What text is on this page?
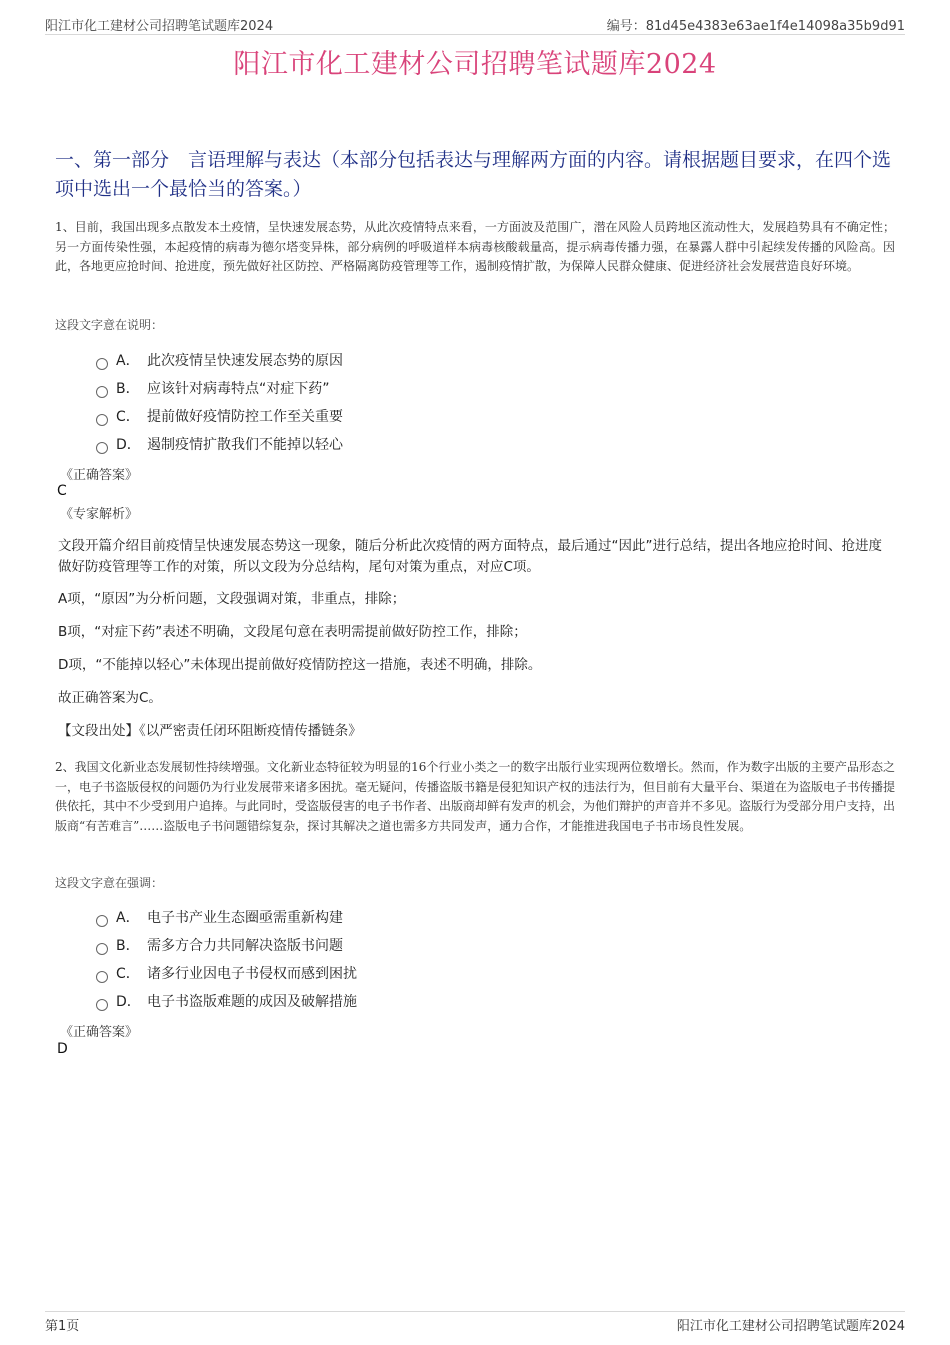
阳江市化工建材公司招聘笔试题库2024	编号：81d45e4383e63ae1f4e14098a35b9d91
阳江市化工建材公司招聘笔试题库2024
一、第一部分　言语理解与表达（本部分包括表达与理解两方面的内容。请根据题目要求，在四个选项中选出一个最恰当的答案。）
1、目前，我国出现多点散发本土疫情，呈快速发展态势，从此次疫情特点来看，一方面波及范围广，潜在风险人员跨地区流动性大，发展趋势具有不确定性；另一方面传染性强，本起疫情的病毒为德尔塔变异株，部分病例的呼吸道样本病毒核酸载量高，提示病毒传播力强，在暴露人群中引起续发传播的风险高。因此，各地更应抢时间、抢进度，预先做好社区防控、严格隔离防疫管理等工作，遏制疫情扩散，为保障人民群众健康、促进经济社会发展营造良好环境。
这段文字意在说明：
A． 此次疫情呈快速发展态势的原因
B． 应该针对病毒特点“对症下药”
C． 提前做好疫情防控工作至关重要
D． 遏制疫情扩散我们不能掉以轻心
《正确答案》
C
《专家解析》
文段开篇介绍目前疫情呈快速发展态势这一现象，随后分析此次疫情的两方面特点，最后通过“因此”进行总结，提出各地应抢时间、抢进度做好防疫管理等工作的对策，所以文段为分总结构，尾句对策为重点，对应C项。
A项，“原因”为分析问题，文段强调对策，非重点，排除；
B项，“对症下药”表述不明确，文段尾句意在表明需提前做好防控工作，排除；
D项，“不能掉以轻心”未体现出提前做好疫情防控这一措施，表述不明确，排除。
故正确答案为C。
【文段出处】《以严密责任闭环阻断疫情传播链条》
2、我国文化新业态发展韧性持续增强。文化新业态特征较为明显的16个行业小类之一的数字出版行业实现两位数增长。然而，作为数字出版的主要产品形态之一，电子书盗版侵权的问题仍为行业发展带来诸多困扰。毫无疑问，传播盗版书籍是侵犯知识产权的违法行为，但目前有大量平台、渠道在为盗版电子书传播提供依托，其中不少受到用户追捧。与此同时，受盗版侵害的电子书作者、出版商却鲜有发声的机会，为他们辩护的声音并不多见。盗版行为受部分用户支持，出版商“有苦难言”……盗版电子书问题错综复杂，探讨其解决之道也需多方共同发声，通力合作，才能推进我国电子书市场良性发展。
这段文字意在强调：
A． 电子书产业生态圈亟需重新构建
B． 需多方合力共同解决盗版书问题
C． 诸多行业因电子书侵权而感到困扰
D． 电子书盗版难题的成因及破解措施
《正确答案》
D
第1页	阳江市化工建材公司招聘笔试题库2024
